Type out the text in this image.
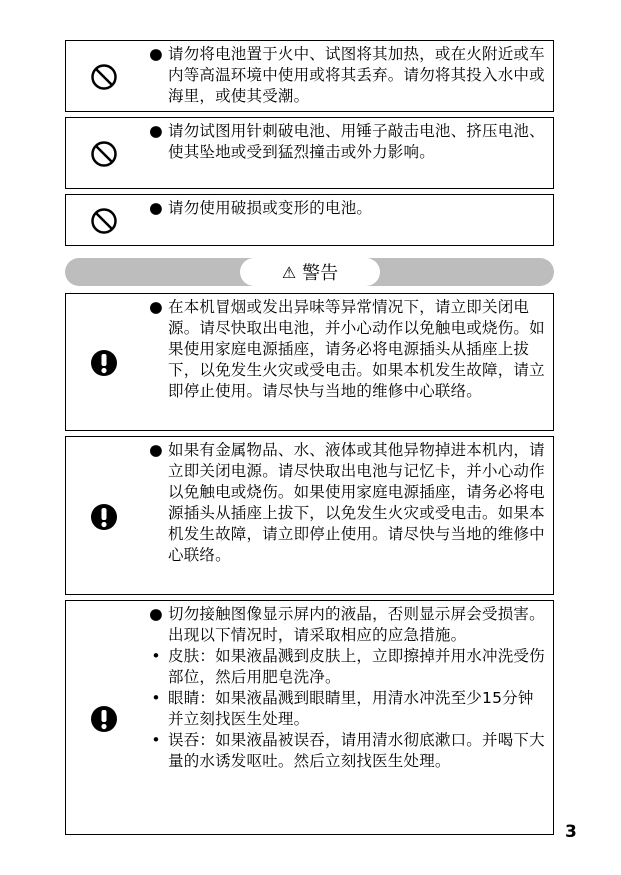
● 请勿将电池置于火中、试图将其加热，或在火附近或车内等高温环境中使用或将其丢弃。请勿将其投入水中或海里，或使其受潮。
● 请勿试图用针刺破电池、用锤子敲击电池、挤压电池、使其坠地或受到猛烈撞击或外力影响。
● 请勿使用破损或变形的电池。
⚠ 警告
● 在本机冒烟或发出异味等异常情况下，请立即关闭电源。请尽快取出电池，并小心动作以免触电或烧伤。如果使用家庭电源插座，请务必将电源插头从插座上拔下，以免发生火灾或受电击。如果本机发生故障，请立即停止使用。请尽快与当地的维修中心联络。
● 如果有金属物品、水、液体或其他异物掉进本机内，请立即关闭电源。请尽快取出电池与记忆卡，并小心动作以免触电或烧伤。如果使用家庭电源插座，请务必将电源插头从插座上拔下，以免发生火灾或受电击。如果本机发生故障，请立即停止使用。请尽快与当地的维修中心联络。
● 切勿接触图像显示屏内的液晶，否则显示屏会受损害。出现以下情况时，请采取相应的应急措施。
• 皮肤：如果液晶溅到皮肤上，立即擦掉并用水冲洗受伤部位，然后用肥皂洗净。
• 眼睛：如果液晶溅到眼睛里，用清水冲洗至少15分钟并立刻找医生处理。
• 误吞：如果液晶被误吞，请用清水彻底漱口。并喝下大量的水诱发呕吐。然后立刻找医生处理。
3
